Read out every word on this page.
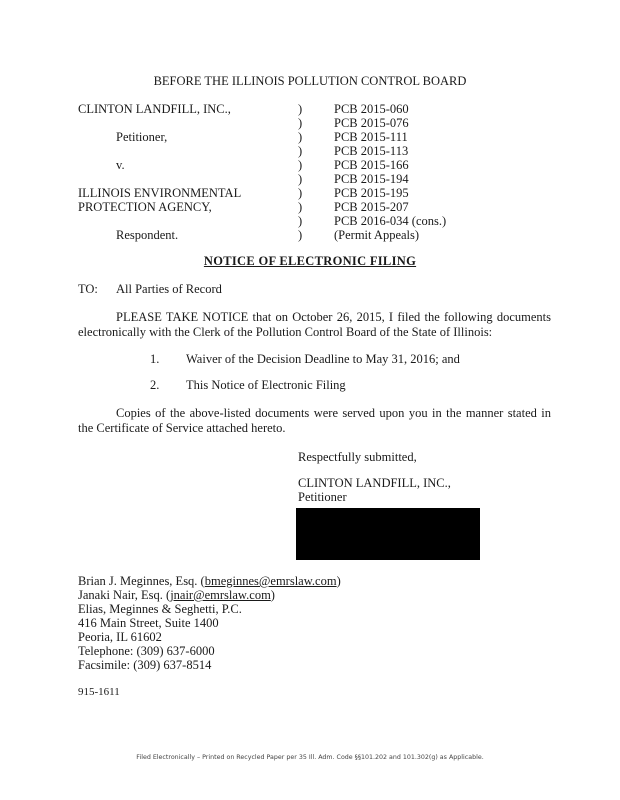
BEFORE THE ILLINOIS POLLUTION CONTROL BOARD
CLINTON LANDFILL, INC.,
Petitioner,
v.
ILLINOIS ENVIRONMENTAL
PROTECTION AGENCY,
Respondent.
)
)
)
)
)
)
)
)
)
)
PCB 2015-060
PCB 2015-076
PCB 2015-111
PCB 2015-113
PCB 2015-166
PCB 2015-194
PCB 2015-195
PCB 2015-207
PCB 2016-034 (cons.)
(Permit Appeals)
NOTICE OF ELECTRONIC FILING
TO: All Parties of Record
PLEASE TAKE NOTICE that on October 26, 2015, I filed the following documents electronically with the Clerk of the Pollution Control Board of the State of Illinois:
1. Waiver of the Decision Deadline to May 31, 2016; and
2. This Notice of Electronic Filing
Copies of the above-listed documents were served upon you in the manner stated in the Certificate of Service attached hereto.
Respectfully submitted,
CLINTON LANDFILL, INC.,
Petitioner
Brian J. Meginnes, Esq. (bmeginnes@emrslaw.com)
Janaki Nair, Esq. (jnair@emrslaw.com)
Elias, Meginnes & Seghetti, P.C.
416 Main Street, Suite 1400
Peoria, IL 61602
Telephone: (309) 637-6000
Facsimile: (309) 637-8514
915-1611
Filed Electronically – Printed on Recycled Paper per 35 Ill. Adm. Code §§101.202 and 101.302(g) as Applicable.
